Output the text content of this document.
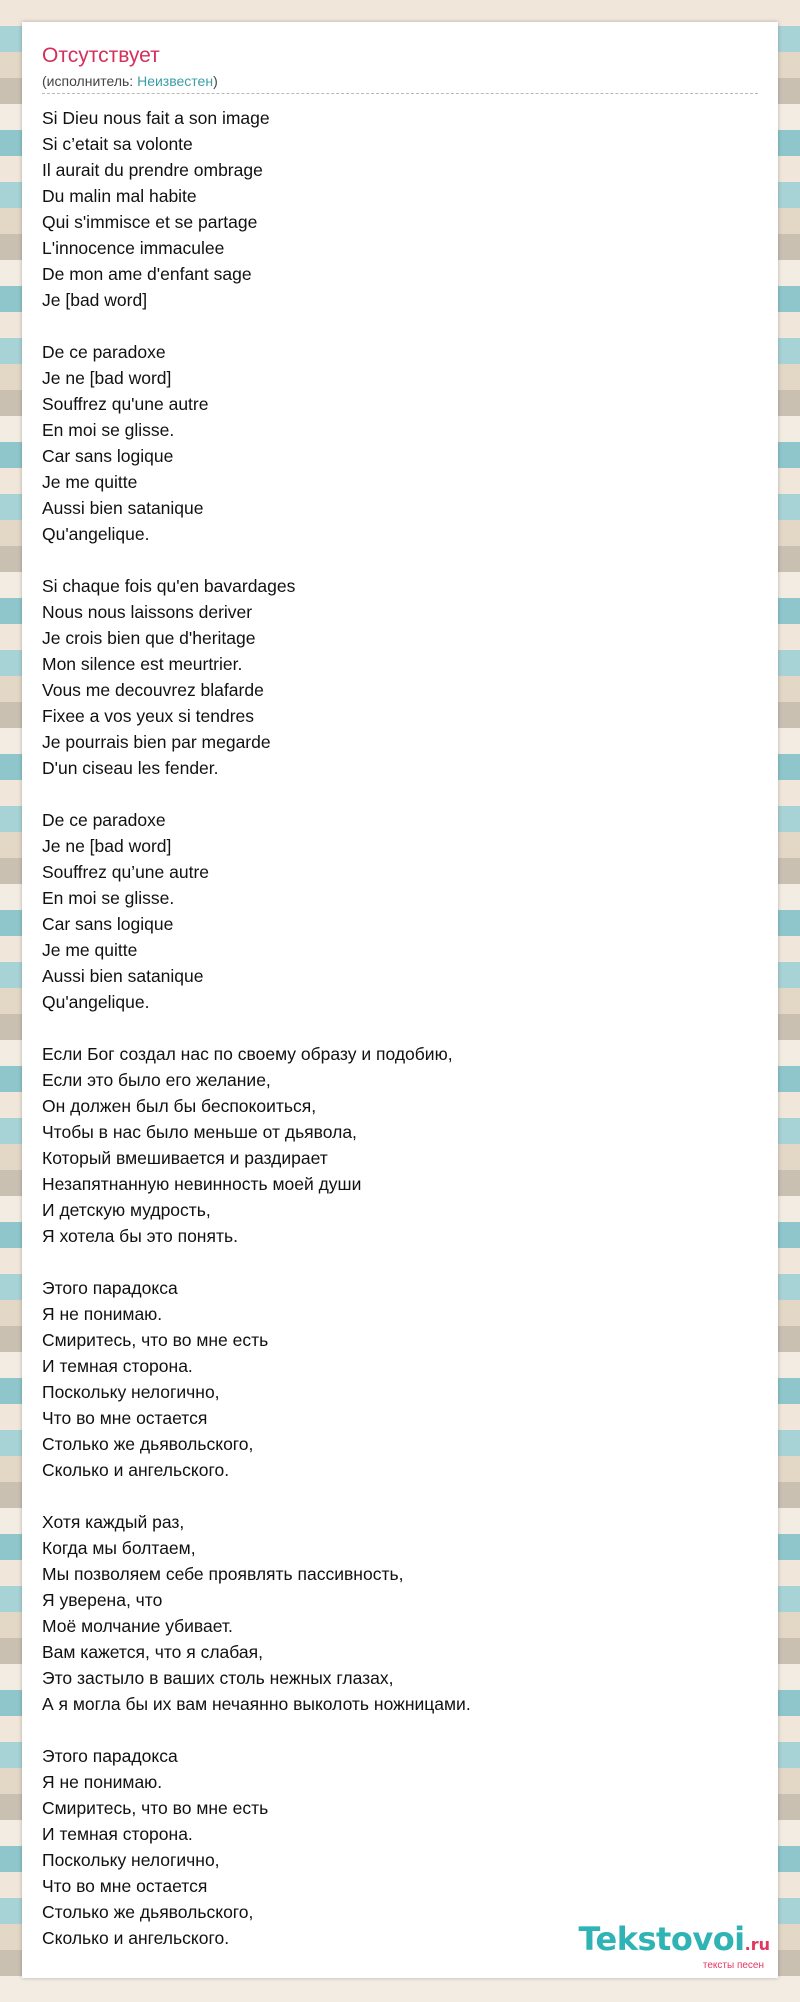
Отсутствует
(исполнитель: Неизвестен)
Si Dieu nous fait a son image
Si c’etait sa volonte
Il aurait du prendre ombrage
Du malin mal habite
Qui s'immisce et se partage
L'innocence immaculee
De mon ame d'enfant sage
Je [bad word]
De ce paradoxe
Je ne [bad word]
Souffrez qu'une autre
En moi se glisse.
Car sans logique
Je me quitte
Aussi bien satanique
Qu'angelique.
Si chaque fois qu'en bavardages
Nous nous laissons deriver
Je crois bien que d'heritage
Mon silence est meurtrier.
Vous me decouvrez blafarde
Fixee a vos yeux si tendres
Je pourrais bien par megarde
D'un ciseau les fender.
De ce paradoxe
Je ne [bad word]
Souffrez qu’une autre
En moi se glisse.
Car sans logique
Je me quitte
Aussi bien satanique
Qu'angelique.
Если Бог создал нас по своему образу и подобию,
Если это было его желание,
Он должен был бы беспокоиться,
Чтобы в нас было меньше от дьявола,
Который вмешивается и раздирает
Незапятнанную невинность моей души
И детскую мудрость,
Я хотела бы это понять.
Этого парадокса
Я не понимаю.
Смиритесь, что во мне есть
И темная сторона.
Поскольку нелогично,
Что во мне остается
Столько же дьявольского,
Сколько и ангельского.
Хотя каждый раз,
Когда мы болтаем,
Мы позволяем себе проявлять пассивность,
Я уверена, что
Моё молчание убивает.
Вам кажется, что я слабая,
Это застыло в ваших столь нежных глазах,
А я могла бы их вам нечаянно выколоть ножницами.
Этого парадокса
Я не понимаю.
Смиритесь, что во мне есть
И темная сторона.
Поскольку нелогично,
Что во мне остается
Столько же дьявольского,
Сколько и ангельского.	Tekstovoi.ru
тексты песен
